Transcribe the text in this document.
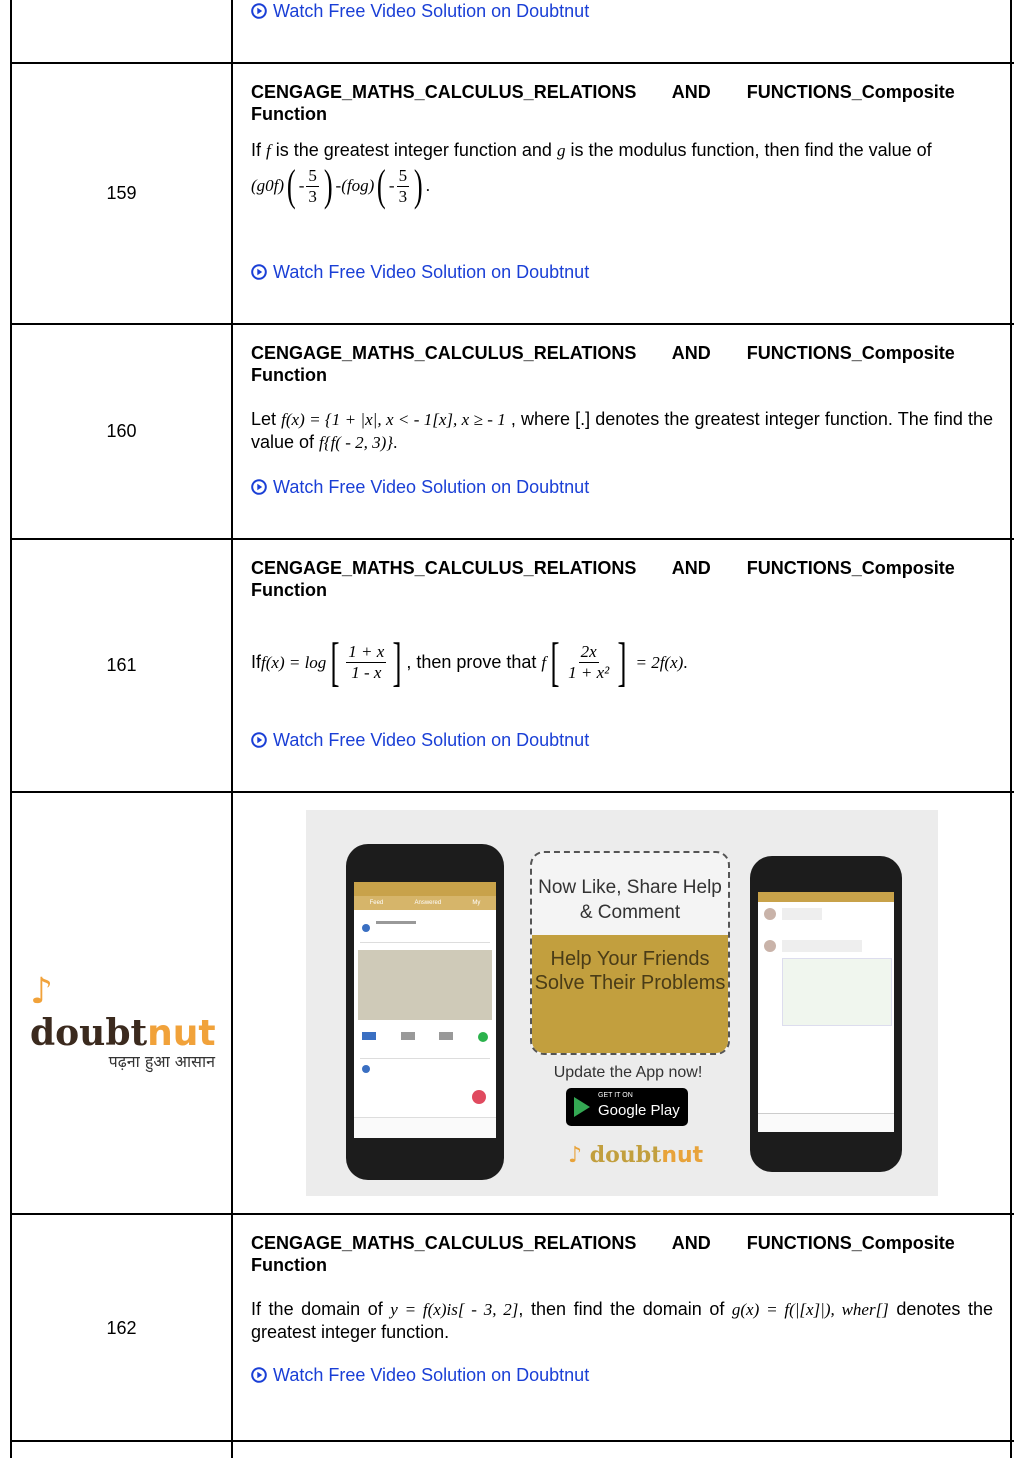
Watch Free Video Solution on Doubtnut
159
CENGAGE_MATHS_CALCULUS_RELATIONS AND FUNCTIONS_Composite
Function
If f is the greatest integer function and g is the modulus function, then find the value of
(g0f) ( - $\frac{5}{3}$ ) - (fog) ( - $\frac{5}{3}$ ) .
Watch Free Video Solution on Doubtnut
160
CENGAGE_MATHS_CALCULUS_RELATIONS AND FUNCTIONS_Composite
Function
Let f(x) = {1 + |x|, x < - 1[x], x ≥ - 1 , where [.] denotes the greatest integer function. The find the value of f{f( - 2, 3)}.
Watch Free Video Solution on Doubtnut
161
CENGAGE_MATHS_CALCULUS_RELATIONS AND FUNCTIONS_Composite
Function
If f(x) = log [ $\frac{1 + x}{1 - x}$ ] , then prove that f [ $\frac{2x}{\text{1 + x²}}$ ] = 2f(x) .
Watch Free Video Solution on Doubtnut
♪ doubtnut
पढ़ना हुआ आसान
Feed	Answered	My
Now Like, Share Help & Comment
Help Your Friends Solve Their Problems
Update the App now!
GET IT ON
Google Play
♪ doubtnut
162
CENGAGE_MATHS_CALCULUS_RELATIONS AND FUNCTIONS_Composite
Function
If the domain of y = f(x)is[ - 3, 2], then find the domain of g(x) = f(|[x]|), wher[] denotes the greatest integer function.
Watch Free Video Solution on Doubtnut
